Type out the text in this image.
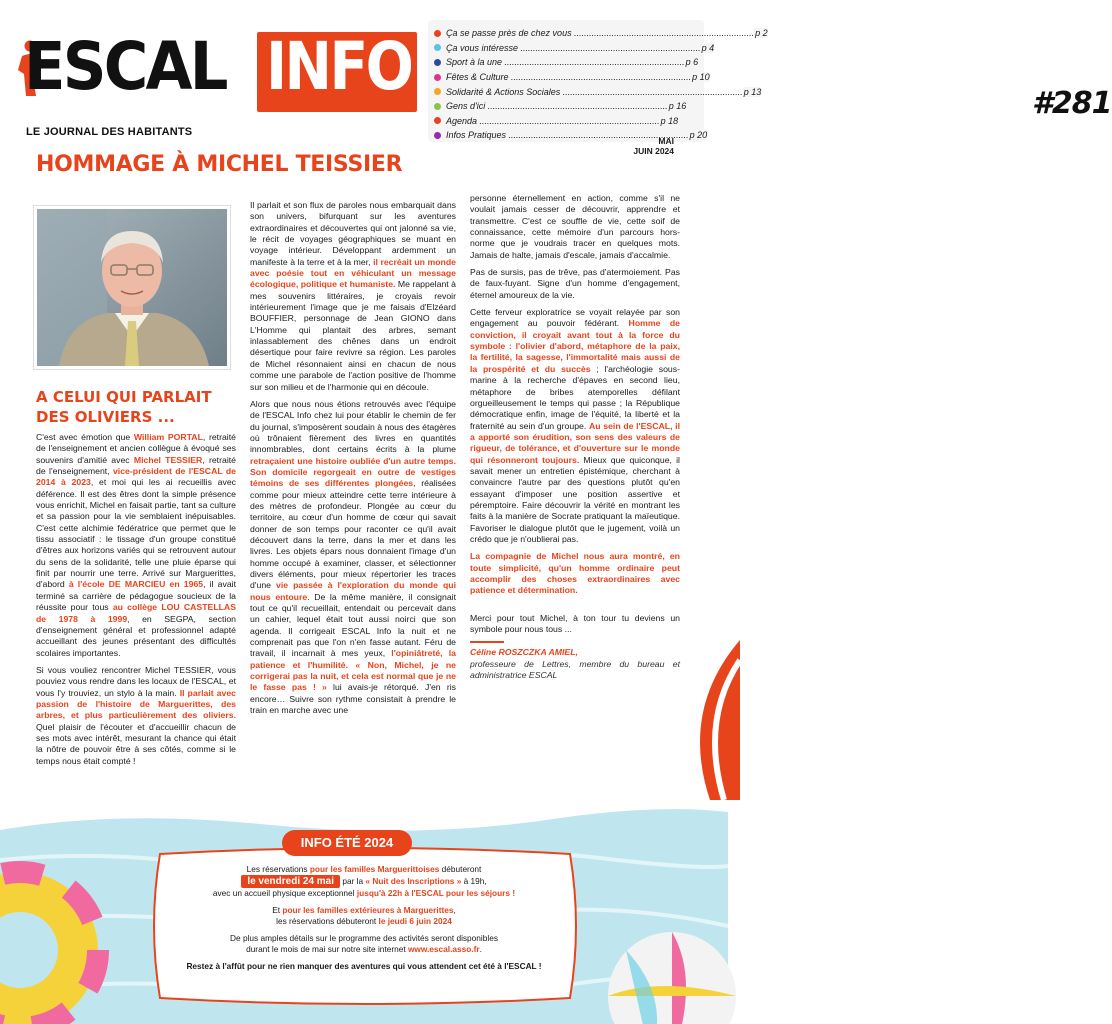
ESCAL INFO
LE JOURNAL DES HABITANTS
Ça se passe près de chez vous .....	p 2
Ça vous intéresse .....	p 4
Sport à la une .....	p 6
Fêtes & Culture .....	p 10
Solidarité & Actions Sociales .....	p 13
Gens d'ici .....	p 16
Agenda .....	p 18
Infos Pratiques .....	p 20
#281
MAI
JUIN 2024
HOMMAGE À MICHEL TEISSIER
A CELUI QUI PARLAIT DES OLIVIERS ...

C'est avec émotion que William PORTAL, retraité de l'enseignement et ancien collègue à évoqué ses souvenirs d'amitié avec Michel TESSIER, retraité de l'enseignement, vice-président de l'ESCAL de 2014 à 2023, et moi qui les ai recueillis avec déférence. Il est des êtres dont la simple présence vous enrichit, Michel en faisait partie, tant sa culture et sa passion pour la vie semblaient inépuisables. C'est cette alchimie fédératrice que permet que le tissu associatif : le tissage d'un groupe constitué d'êtres aux horizons variés qui se retrouvent autour du sens de la solidarité, telle une pluie éparse qui finit par nourrir une terre. Arrivé sur Marguerittes, d'abord à l'école DE MARCIEU en 1965, il avait terminé sa carrière de pédagogue soucieux de la réussite pour tous au collège LOU CASTELLAS de 1978 à 1999, en SEGPA, section d'enseignement général et professionnel adapté accueillant des jeunes présentant des difficultés scolaires importantes.

Si vous vouliez rencontrer Michel TESSIER, vous pouviez vous rendre dans les locaux de l'ESCAL, et vous l'y trouviez, un stylo à la main. Il parlait avec passion de l'histoire de Marguerittes, des arbres, et plus particulièrement des oliviers. Quel plaisir de l'écouter et d'accueillir chacun de ses mots avec intérêt, mesurant la chance qui était la nôtre de pouvoir être à ses côtés, comme si le temps nous était compté !

Il parlait et son flux de paroles nous embarquait dans son univers, bifurquant sur les aventures extraordinaires et découvertes qui ont jalonné sa vie, le récit de voyages géographiques se muant en voyage intérieur. Développant ardemment un manifeste à la terre et à la mer, il recréait un monde avec poésie tout en véhiculant un message écologique, politique et humaniste. Me rappelant à mes souvenirs littéraires, je croyais revoir intérieurement l'image que je me faisais d'Elzéard BOUFFIER, personnage de Jean GIONO dans L'Homme qui plantait des arbres, semant inlassablement des chênes dans un endroit désertique pour faire revivre sa région. Les paroles de Michel résonnaient ainsi en chacun de nous comme une parabole de l'action positive de l'homme sur son milieu et de l'harmonie qui en découle.

Alors que nous nous étions retrouvés avec l'équipe de l'ESCAL Info chez lui pour établir le chemin de fer du journal, s'imposèrent soudain à nous des étagères où trônaient fièrement des livres en quantités innombrables, dont certains écrits à la plume retraçaient une histoire oubliée d'un autre temps. Son domicile regorgeait en outre de vestiges témoins de ses différentes plongées, réalisées comme pour mieux atteindre cette terre intérieure à des mètres de profondeur. Plongée au cœur du territoire, au cœur d'un homme de cœur qui savait donner de son temps pour raconter ce qu'il avait découvert dans la terre, dans la mer et dans les livres. Les objets épars nous donnaient l'image d'un homme occupé à examiner, classer, et sélectionner divers éléments, pour mieux répertorier les traces d'une vie passée à l'exploration du monde qui nous entoure. De la même manière, il consignait tout ce qu'il recueillait, entendait ou percevait dans un cahier, lequel était tout aussi noirci que son agenda. Il corrigeait ESCAL Info la nuit et ne comprenait pas que l'on n'en fasse autant. Féru de travail, il incarnait à mes yeux, l'opiniâtreté, la patience et l'humilité. « Non, Michel, je ne corrigerai pas la nuit, et cela est normal que je ne le fasse pas ! » lui avais-je rétorqué. J'en ris encore… Suivre son rythme consistait à prendre le train en marche avec une

personne éternellement en action, comme s'il ne voulait jamais cesser de découvrir, apprendre et transmettre. C'est ce souffle de vie, cette soif de connaissance, cette mémoire d'un parcours hors-norme que je voudrais tracer en quelques mots. Jamais de halte, jamais d'escale, jamais d'accalmie.

Pas de sursis, pas de trêve, pas d'atermoiement. Pas de faux-fuyant. Signe d'un homme d'engagement, éternel amoureux de la vie.

Cette ferveur exploratrice se voyait relayée par son engagement au pouvoir fédérant. Homme de conviction, il croyait avant tout à la force du symbole : l'olivier d'abord, métaphore de la paix, la fertilité, la sagesse, l'immortalité mais aussi de la prospérité et du succès ; l'archéologie sous-marine à la recherche d'épaves en second lieu, métaphore de bribes atemporelles défilant orgueilleusement le temps qui passe ; la République démocratique enfin, image de l'équité, la liberté et la fraternité au sein d'un groupe. Au sein de l'ESCAL, il a apporté son érudition, son sens des valeurs de rigueur, de tolérance, et d'ouverture sur le monde qui résonneront toujours. Mieux que quiconque, il savait mener un entretien épistémique, cherchant à convaincre l'autre par des questions plutôt qu'en essayant d'imposer une position assertive et péremptoire. Faire découvrir la vérité en montrant les faits à la manière de Socrate pratiquant la maïeutique. Favoriser le dialogue plutôt que le jugement, voilà un crédo que je n'oublierai pas.

La compagnie de Michel nous aura montré, en toute simplicité, qu'un homme ordinaire peut accomplir des choses extraordinaires avec patience et détermination.

Merci pour tout Michel, à ton tour tu deviens un symbole pour nous tous ...

Céline ROSZCZKA AMIEL,
professeure de Lettres, membre du bureau et administratrice ESCAL
INFO ÉTÉ 2024

Les réservations pour les familles Marguerittoises débuteront
le vendredi 24 mai par la « Nuit des Inscriptions » à 19h,
avec un accueil physique exceptionnel jusqu'à 22h à l'ESCAL pour les séjours !

Et pour les familles extérieures à Marguerittes,
les réservations débuteront le jeudi 6 juin 2024

De plus amples détails sur le programme des activités seront disponibles
durant le mois de mai sur notre site internet www.escal.asso.fr.

Restez à l'affût pour ne rien manquer des aventures qui vous attendent cet été à l'ESCAL !
